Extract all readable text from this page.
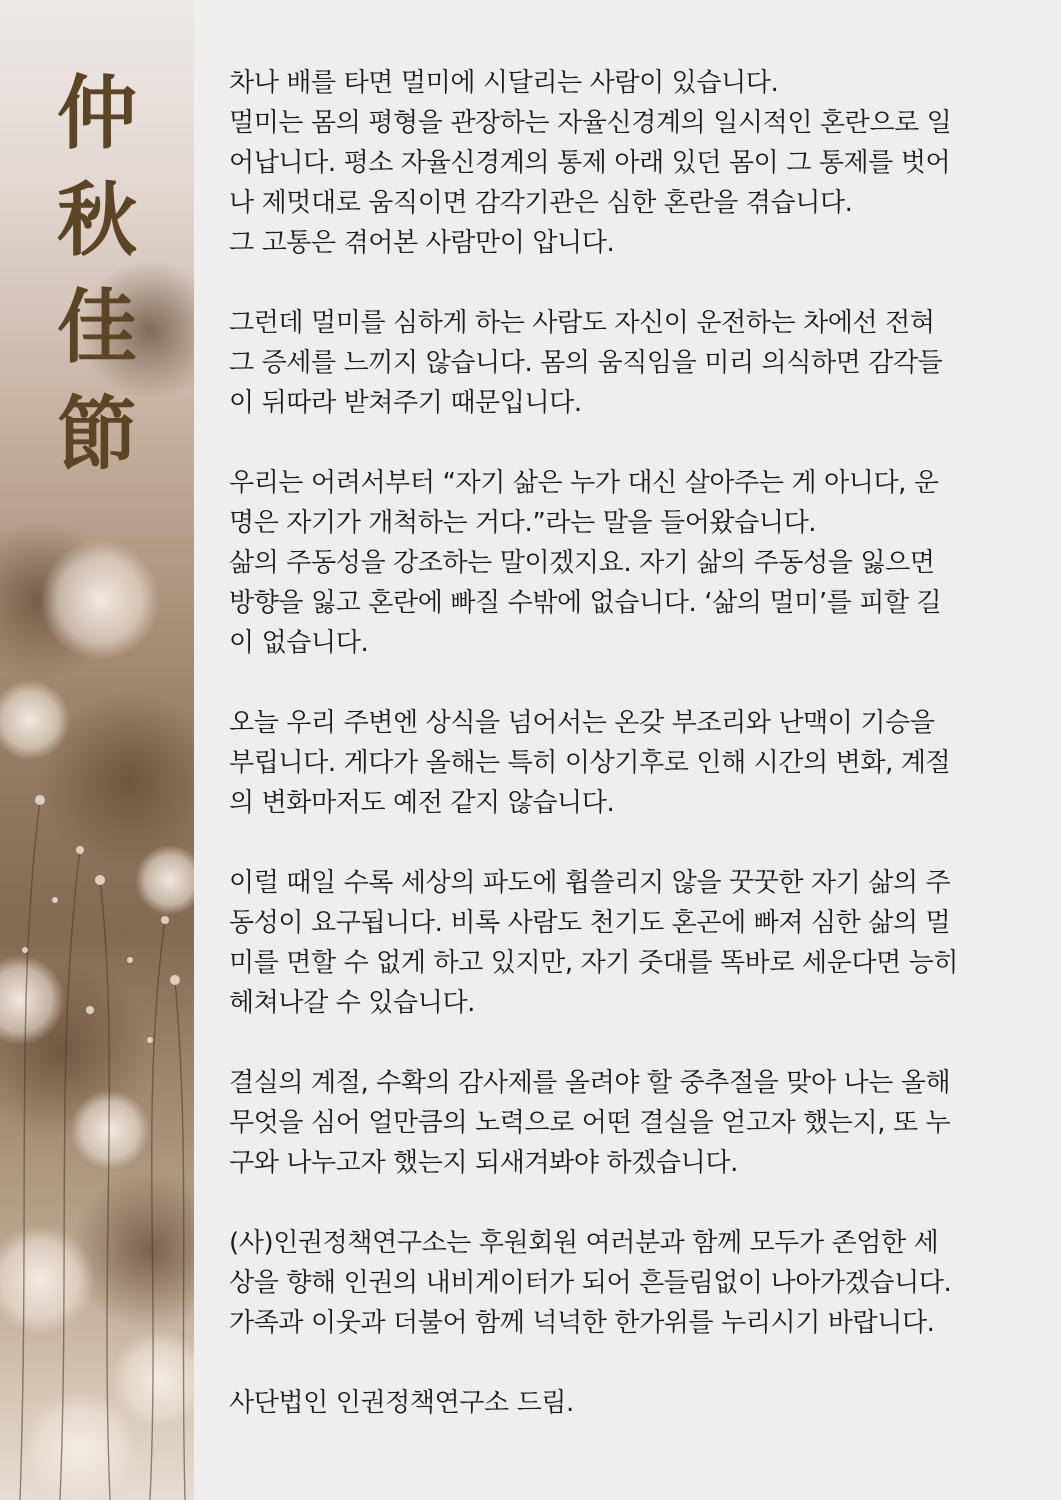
仲
秋
佳
節

차나 배를 타면 멀미에 시달리는 사람이 있습니다.
멀미는 몸의 평형을 관장하는 자율신경계의 일시적인 혼란으로 일
어납니다. 평소 자율신경계의 통제 아래 있던 몸이 그 통제를 벗어
나 제멋대로 움직이면 감각기관은 심한 혼란을 겪습니다.
그 고통은 겪어본 사람만이 압니다.

그런데 멀미를 심하게 하는 사람도 자신이 운전하는 차에선 전혀
그 증세를 느끼지 않습니다. 몸의 움직임을 미리 의식하면 감각들
이 뒤따라 받쳐주기 때문입니다.

우리는 어려서부터 “자기 삶은 누가 대신 살아주는 게 아니다, 운
명은 자기가 개척하는 거다.”라는 말을 들어왔습니다.
삶의 주동성을 강조하는 말이겠지요. 자기 삶의 주동성을 잃으면
방향을 잃고 혼란에 빠질 수밖에 없습니다. ‘삶의 멀미’를 피할 길
이 없습니다.

오늘 우리 주변엔 상식을 넘어서는 온갖 부조리와 난맥이 기승을
부립니다. 게다가 올해는 특히 이상기후로 인해 시간의 변화, 계절
의 변화마저도 예전 같지 않습니다.

이럴 때일 수록 세상의 파도에 휩쓸리지 않을 꿋꿋한 자기 삶의 주
동성이 요구됩니다. 비록 사람도 천기도 혼곤에 빠져 심한 삶의 멀
미를 면할 수 없게 하고 있지만, 자기 줏대를 똑바로 세운다면 능히
헤쳐나갈 수 있습니다.

결실의 계절, 수확의 감사제를 올려야 할 중추절을 맞아 나는 올해
무엇을 심어 얼만큼의 노력으로 어떤 결실을 얻고자 했는지, 또 누
구와 나누고자 했는지 되새겨봐야 하겠습니다.

(사)인권정책연구소는 후원회원 여러분과 함께 모두가 존엄한 세
상을 향해 인권의 내비게이터가 되어 흔들림없이 나아가겠습니다.
가족과 이웃과 더불어 함께 넉넉한 한가위를 누리시기 바랍니다.

사단법인 인권정책연구소 드림.
